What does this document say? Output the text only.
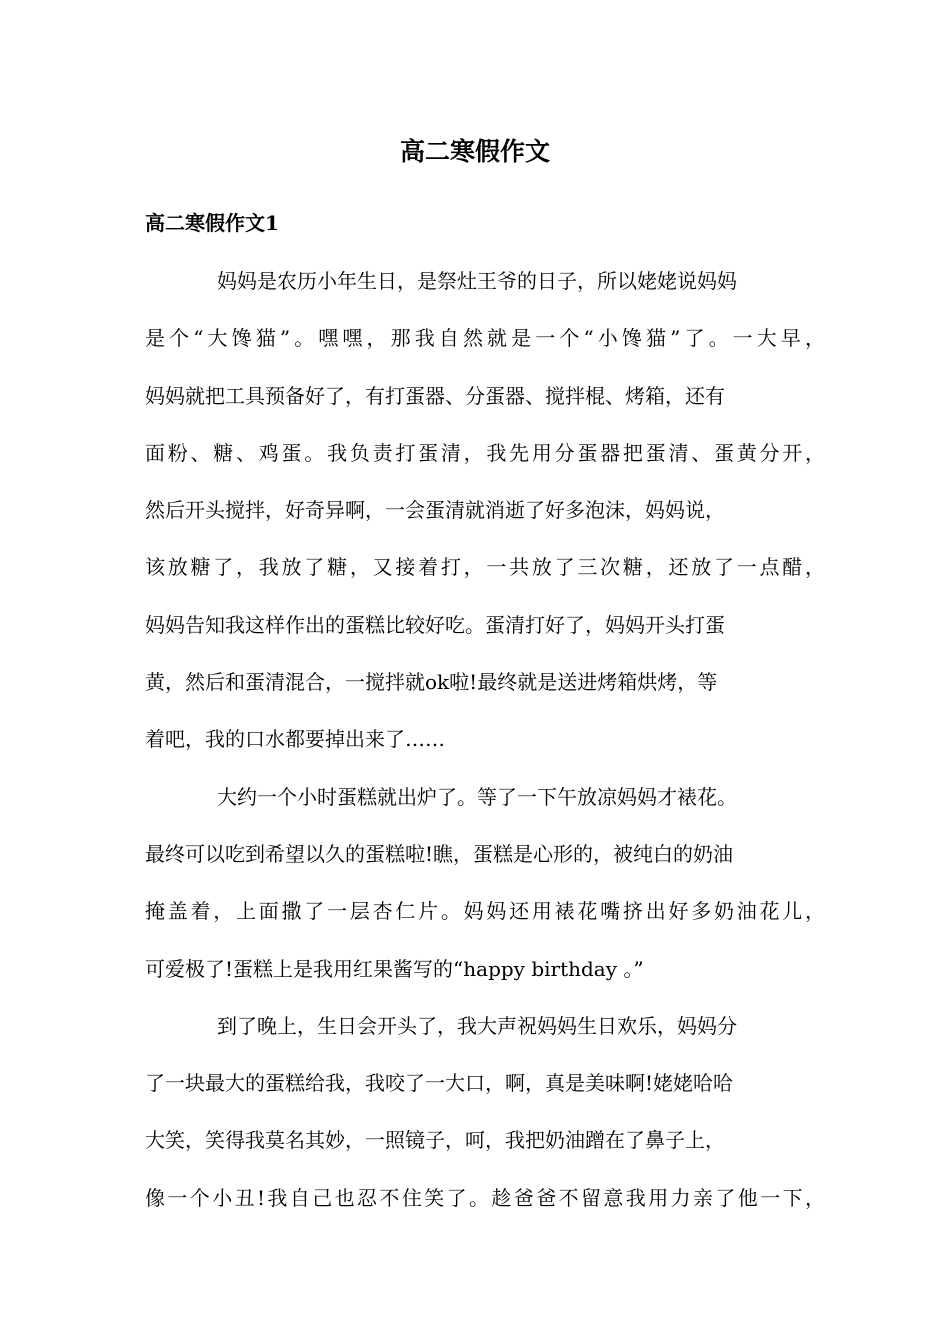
高二寒假作文
高二寒假作文1
妈妈是农历小年生日，是祭灶王爷的日子，所以姥姥说妈妈
是个“大馋猫”。嘿嘿，那我自然就是一个“小馋猫”了。一大早，
妈妈就把工具预备好了，有打蛋器、分蛋器、搅拌棍、烤箱，还有
面粉、糖、鸡蛋。我负责打蛋清，我先用分蛋器把蛋清、蛋黄分开，
然后开头搅拌，好奇异啊，一会蛋清就消逝了好多泡沫，妈妈说，
该放糖了，我放了糖，又接着打，一共放了三次糖，还放了一点醋，
妈妈告知我这样作出的蛋糕比较好吃。蛋清打好了，妈妈开头打蛋
黄，然后和蛋清混合，一搅拌就ok啦!最终就是送进烤箱烘烤，等
着吧，我的口水都要掉出来了……
大约一个小时蛋糕就出炉了。等了一下午放凉妈妈才裱花。
最终可以吃到希望以久的蛋糕啦!瞧，蛋糕是心形的，被纯白的奶油
掩盖着，上面撒了一层杏仁片。妈妈还用裱花嘴挤出好多奶油花儿，
可爱极了!蛋糕上是我用红果酱写的“happy birthday 。”
到了晚上，生日会开头了，我大声祝妈妈生日欢乐，妈妈分
了一块最大的蛋糕给我，我咬了一大口，啊，真是美味啊!姥姥哈哈
大笑，笑得我莫名其妙，一照镜子，呵，我把奶油蹭在了鼻子上，
像一个小丑!我自己也忍不住笑了。趁爸爸不留意我用力亲了他一下，
